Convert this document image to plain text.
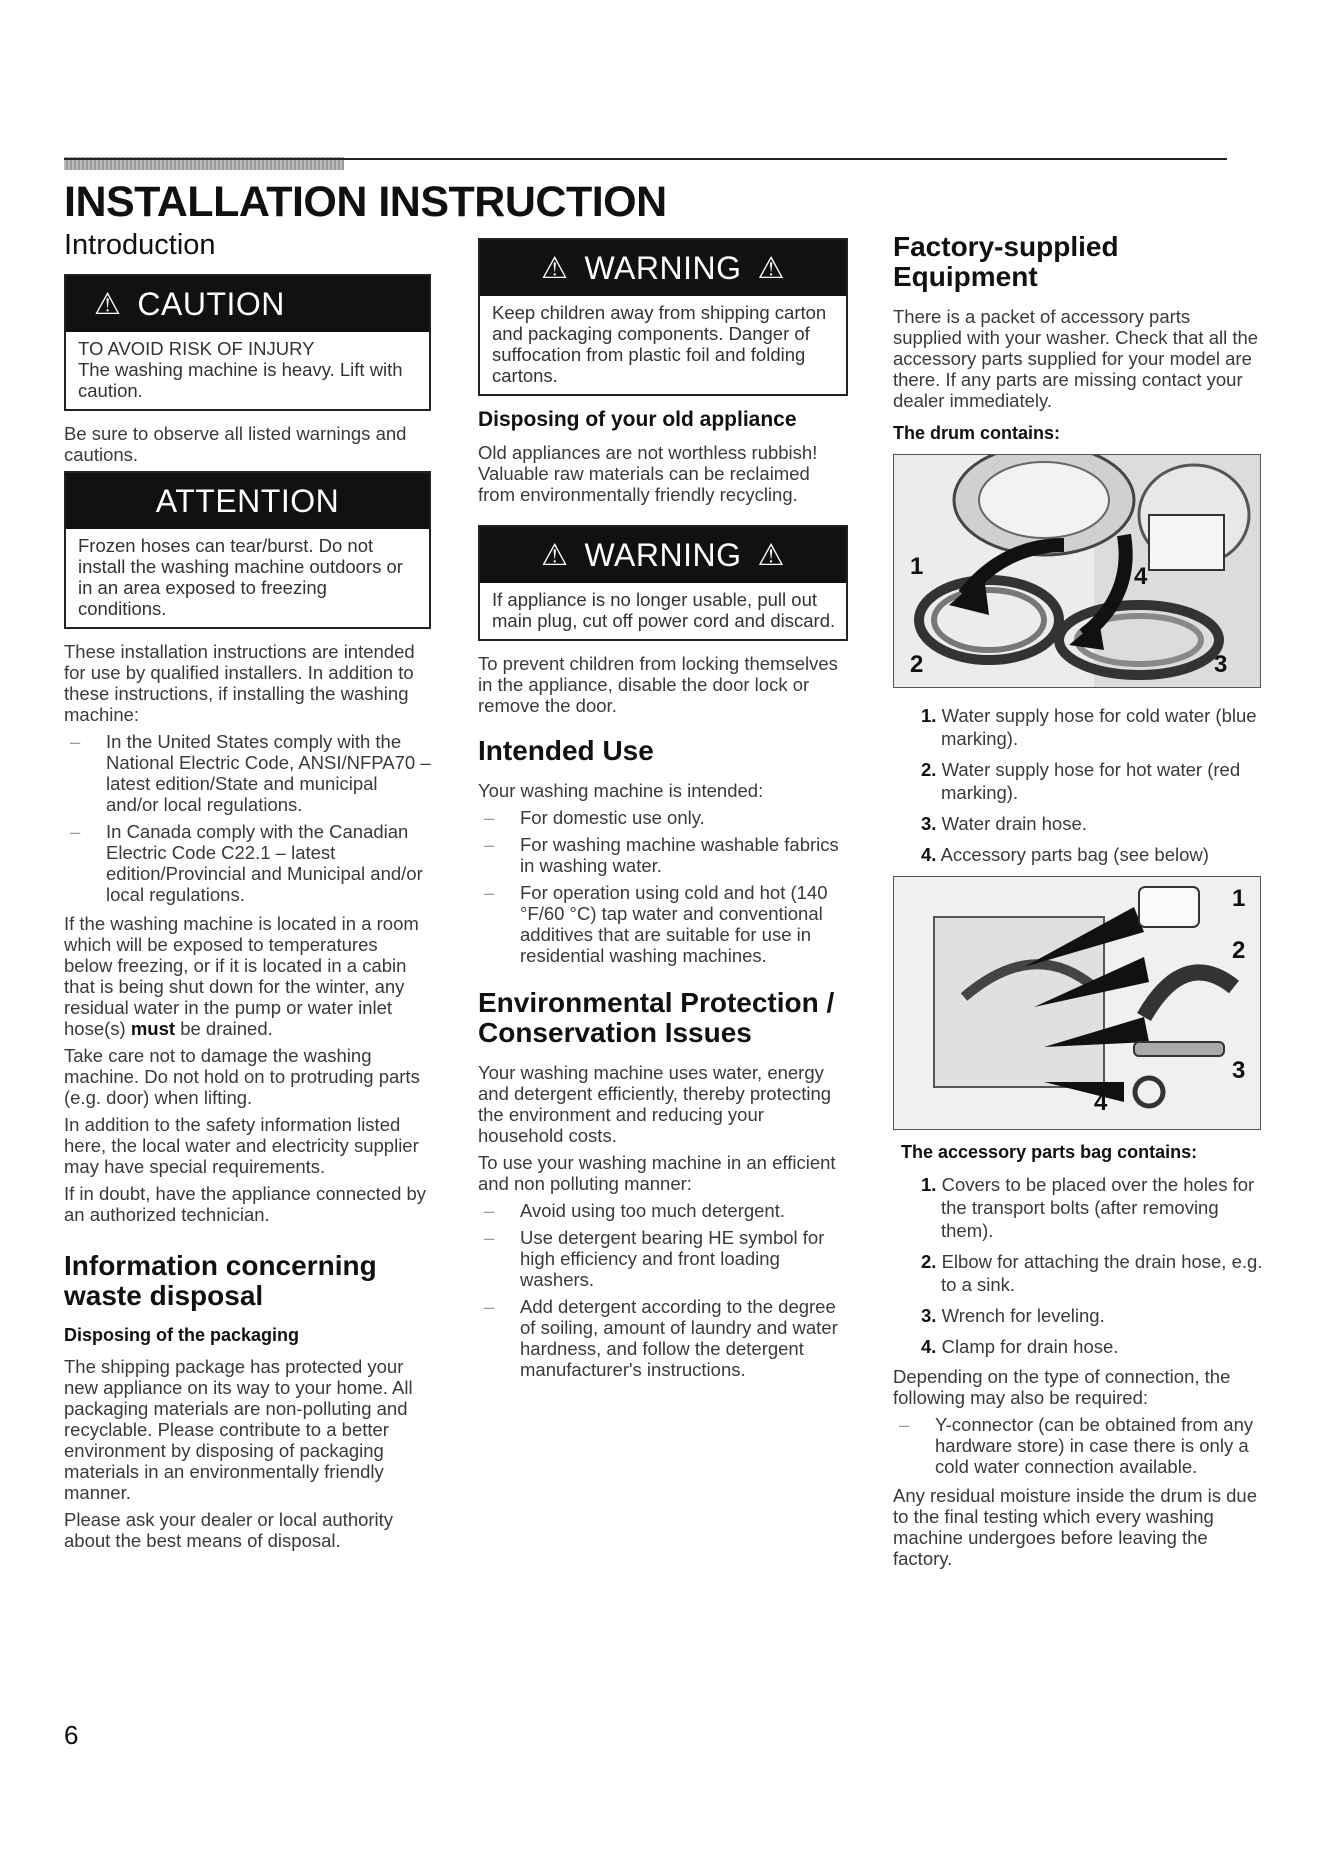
INSTALLATION INSTRUCTION
Introduction
⚠ CAUTION
TO AVOID RISK OF INJURY
The washing machine is heavy. Lift with caution.

Be sure to observe all listed warnings and cautions.

ATTENTION
Frozen hoses can tear/burst. Do not install the washing machine outdoors or in an area exposed to freezing conditions.

These installation instructions are intended for use by qualified installers. In addition to these instructions, if installing the washing machine:

– In the United States comply with the National Electric Code, ANSI/NFPA70 – latest edition/State and municipal and/or local regulations.
– In Canada comply with the Canadian Electric Code C22.1 – latest edition/Provincial and Municipal and/or local regulations.

If the washing machine is located in a room which will be exposed to temperatures below freezing, or if it is located in a cabin that is being shut down for the winter, any residual water in the pump or water inlet hose(s) must be drained.

Take care not to damage the washing machine. Do not hold on to protruding parts (e.g. door) when lifting.

In addition to the safety information listed here, the local water and electricity supplier may have special requirements.

If in doubt, have the appliance connected by an authorized technician.

Information concerning waste disposal
Disposing of the packaging

The shipping package has protected your new appliance on its way to your home. All packaging materials are non-polluting and recyclable. Please contribute to a better environment by disposing of packaging materials in an environmentally friendly manner.

Please ask your dealer or local authority about the best means of disposal.

⚠ WARNING ⚠
Keep children away from shipping carton and packaging components. Danger of suffocation from plastic foil and folding cartons.
Disposing of your old appliance

Old appliances are not worthless rubbish! Valuable raw materials can be reclaimed from environmentally friendly recycling.

⚠ WARNING ⚠
If appliance is no longer usable, pull out main plug, cut off power cord and discard.

To prevent children from locking themselves in the appliance, disable the door lock or remove the door.

Intended Use

Your washing machine is intended:

– For domestic use only.
– For washing machine washable fabrics in washing water.
– For operation using cold and hot (140 °F/60 °C) tap water and conventional additives that are suitable for use in residential washing machines.
Environmental Protection / Conservation Issues

Your washing machine uses water, energy and detergent efficiently, thereby protecting the environment and reducing your household costs.

To use your washing machine in an efficient and non polluting manner:

– Avoid using too much detergent.
– Use detergent bearing HE symbol for high efficiency and front loading washers.
– Add detergent according to the degree of soiling, amount of laundry and water hardness, and follow the detergent manufacturer's instructions.
Factory-supplied Equipment

There is a packet of accessory parts supplied with your washer. Check that all the accessory parts supplied for your model are there. If any parts are missing contact your dealer immediately.

The drum contains:
1
2	3
4
1. Water supply hose for cold water (blue marking).
2. Water supply hose for hot water (red marking).
3. Water drain hose.
4. Accessory parts bag (see below)
1
2
3
4
The accessory parts bag contains:
1. Covers to be placed over the holes for the transport bolts (after removing them).
2. Elbow for attaching the drain hose, e.g. to a sink.
3. Wrench for leveling.
4. Clamp for drain hose.

Depending on the type of connection, the following may also be required:

– Y-connector (can be obtained from any hardware store) in case there is only a cold water connection available.

Any residual moisture inside the drum is due to the final testing which every washing machine undergoes before leaving the factory.

6
